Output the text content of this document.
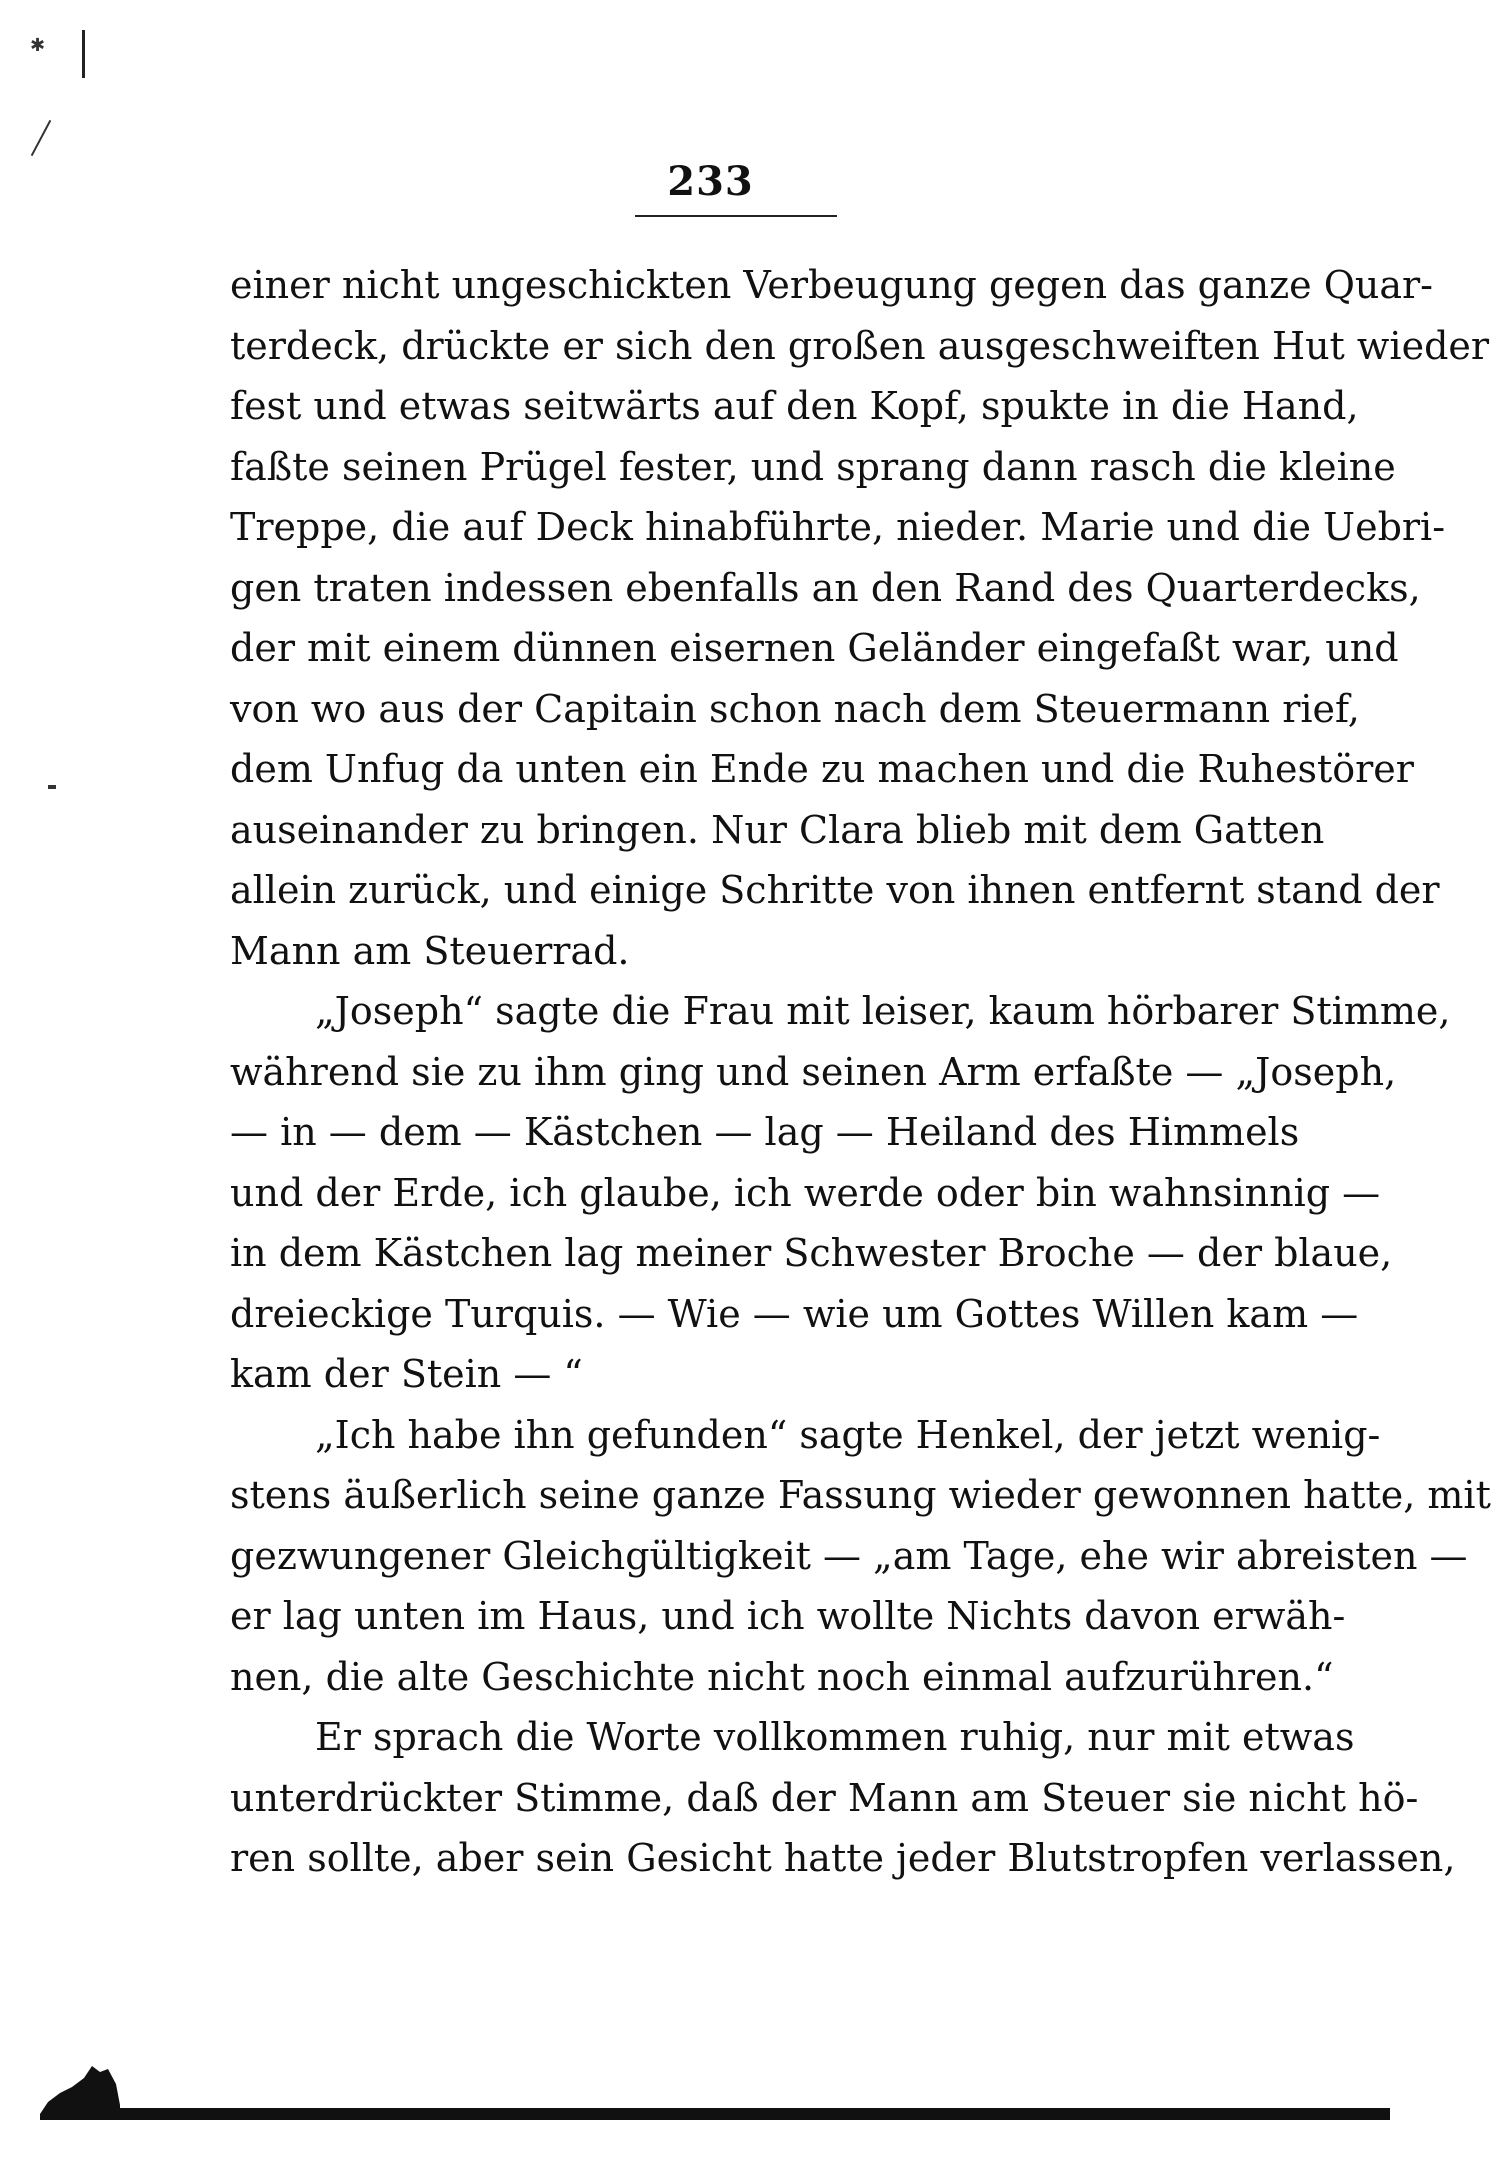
✱
233

einer nicht ungeschickten Verbeugung gegen das ganze Quar-
terdeck, drückte er sich den großen ausgeschweiften Hut wieder
fest und etwas seitwärts auf den Kopf, spukte in die Hand,
faßte seinen Prügel fester, und sprang dann rasch die kleine
Treppe, die auf Deck hinabführte, nieder. Marie und die Uebri-
gen traten indessen ebenfalls an den Rand des Quarterdecks,
der mit einem dünnen eisernen Geländer eingefaßt war, und
von wo aus der Capitain schon nach dem Steuermann rief,
dem Unfug da unten ein Ende zu machen und die Ruhestörer
auseinander zu bringen. Nur Clara blieb mit dem Gatten
allein zurück, und einige Schritte von ihnen entfernt stand der
Mann am Steuerrad.

„Joseph“ sagte die Frau mit leiser, kaum hörbarer Stimme,
während sie zu ihm ging und seinen Arm erfaßte — „Joseph,
— in — dem — Kästchen — lag — Heiland des Himmels
und der Erde, ich glaube, ich werde oder bin wahnsinnig —
in dem Kästchen lag meiner Schwester Broche — der blaue,
dreieckige Turquis. — Wie — wie um Gottes Willen kam —
kam der Stein — “

„Ich habe ihn gefunden“ sagte Henkel, der jetzt wenig-
stens äußerlich seine ganze Fassung wieder gewonnen hatte, mit
gezwungener Gleichgültigkeit — „am Tage, ehe wir abreisten —
er lag unten im Haus, und ich wollte Nichts davon erwäh-
nen, die alte Geschichte nicht noch einmal aufzurühren.“

Er sprach die Worte vollkommen ruhig, nur mit etwas
unterdrückter Stimme, daß der Mann am Steuer sie nicht hö-
ren sollte, aber sein Gesicht hatte jeder Blutstropfen verlassen,
